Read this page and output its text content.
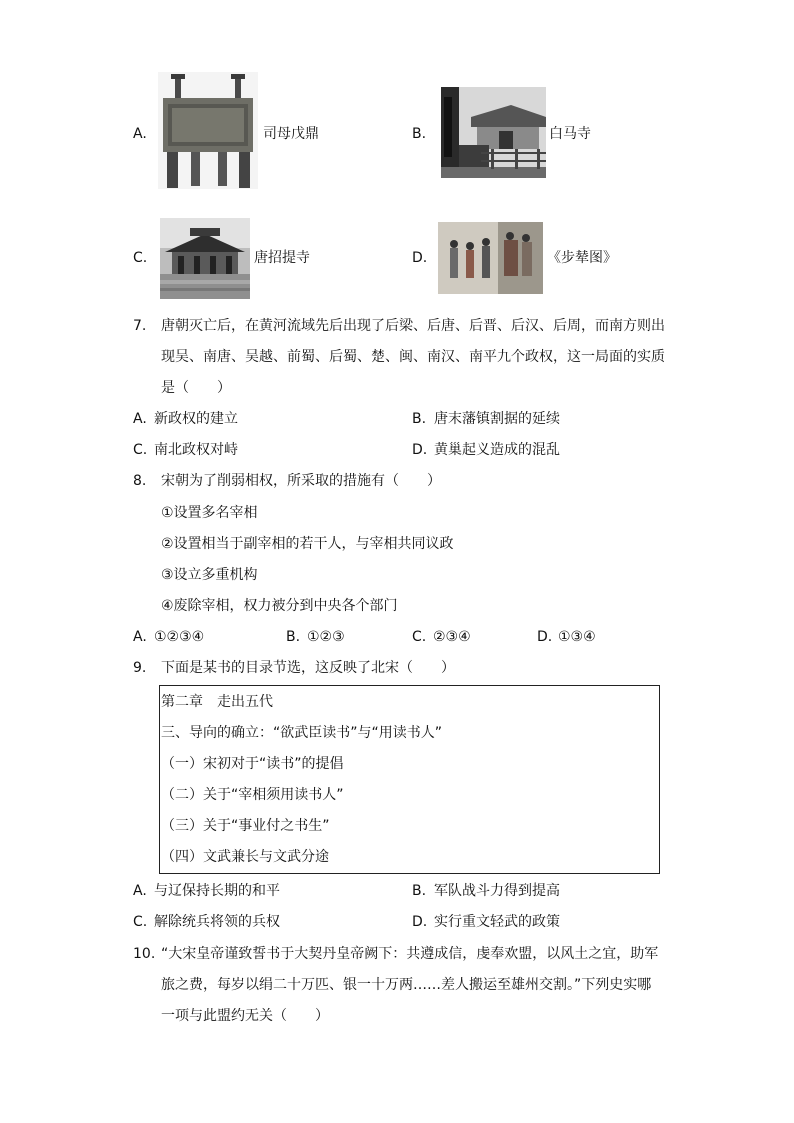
A.	司母戊鼎	B.	白马寺
C.	唐招提寺	D.	《步辇图》
7. 唐朝灭亡后，在黄河流域先后出现了后梁、后唐、后晋、后汉、后周，而南方则出
现吴、南唐、吴越、前蜀、后蜀、楚、闽、南汉、南平九个政权，这一局面的实质
是（　　）
A. 新政权的建立	B. 唐末藩镇割据的延续
C. 南北政权对峙	D. 黄巢起义造成的混乱
8. 宋朝为了削弱相权，所采取的措施有（　　）
①设置多名宰相
②设置相当于副宰相的若干人，与宰相共同议政
③设立多重机构
④废除宰相，权力被分到中央各个部门
A. ①②③④	B. ①②③	C. ②③④	D. ①③④
9. 下面是某书的目录节选，这反映了北宋（　　）
第二章　走出五代
三、导向的确立：“欲武臣读书”与“用读书人”
（一）宋初对于“读书”的提倡
（二）关于“宰相须用读书人”
（三）关于“事业付之书生”
（四）文武兼长与文武分途
A. 与辽保持长期的和平	B. 军队战斗力得到提高
C. 解除统兵将领的兵权	D. 实行重文轻武的政策
10. “大宋皇帝谨致誓书于大契丹皇帝阙下：共遵成信，虔奉欢盟，以风土之宜，助军
旅之费，每岁以绢二十万匹、银一十万两……差人搬运至雄州交割。”下列史实哪
一项与此盟约无关（　　）
